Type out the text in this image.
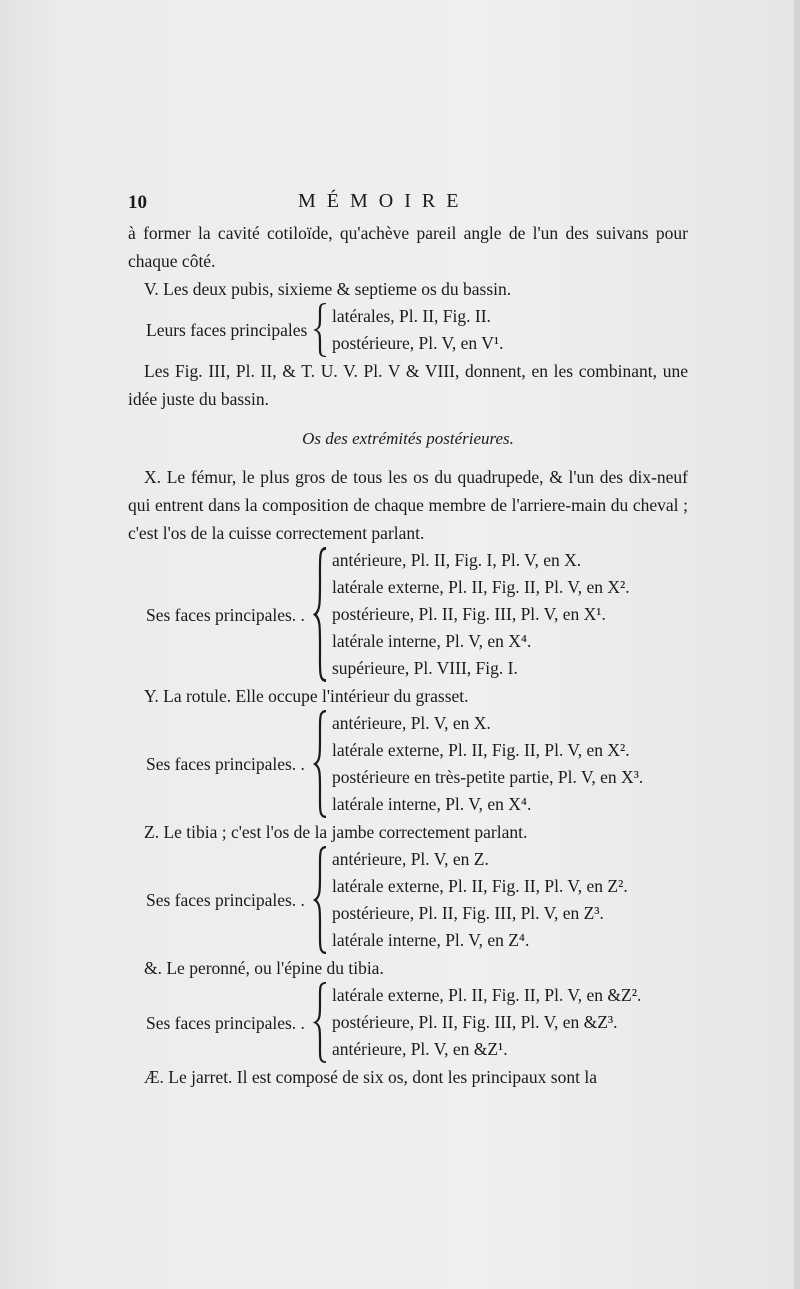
10	MÉMOIRE

à former la cavité cotiloïde, qu'achève pareil angle de l'un des suivans pour chaque côté.

V. Les deux pubis, sixieme & septieme os du bassin.

Leurs faces principales
latérales, Pl. II, Fig. II.
postérieure, Pl. V, en V¹.

Les Fig. III, Pl. II, & T. U. V. Pl. V & VIII, donnent, en les combinant, une idée juste du bassin.

Os des extrémités postérieures.

X. Le fémur, le plus gros de tous les os du quadrupede, & l'un des dix-neuf qui entrent dans la composition de chaque membre de l'arriere-main du cheval ; c'est l'os de la cuisse correctement parlant.

Ses faces principales. .
antérieure, Pl. II, Fig. I, Pl. V, en X.
latérale externe, Pl. II, Fig. II, Pl. V, en X².
postérieure, Pl. II, Fig. III, Pl. V, en X¹.
latérale interne, Pl. V, en X⁴.
supérieure, Pl. VIII, Fig. I.

Y. La rotule. Elle occupe l'intérieur du grasset.

Ses faces principales. .
antérieure, Pl. V, en X.
latérale externe, Pl. II, Fig. II, Pl. V, en X².
postérieure en très-petite partie, Pl. V, en X³.
latérale interne, Pl. V, en X⁴.

Z. Le tibia ; c'est l'os de la jambe correctement parlant.

Ses faces principales. .
antérieure, Pl. V, en Z.
latérale externe, Pl. II, Fig. II, Pl. V, en Z².
postérieure, Pl. II, Fig. III, Pl. V, en Z³.
latérale interne, Pl. V, en Z⁴.

&. Le peronné, ou l'épine du tibia.

Ses faces principales. .
latérale externe, Pl. II, Fig. II, Pl. V, en &Z².
postérieure, Pl. II, Fig. III, Pl. V, en &Z³.
antérieure, Pl. V, en &Z¹.

Æ. Le jarret. Il est composé de six os, dont les principaux sont la
